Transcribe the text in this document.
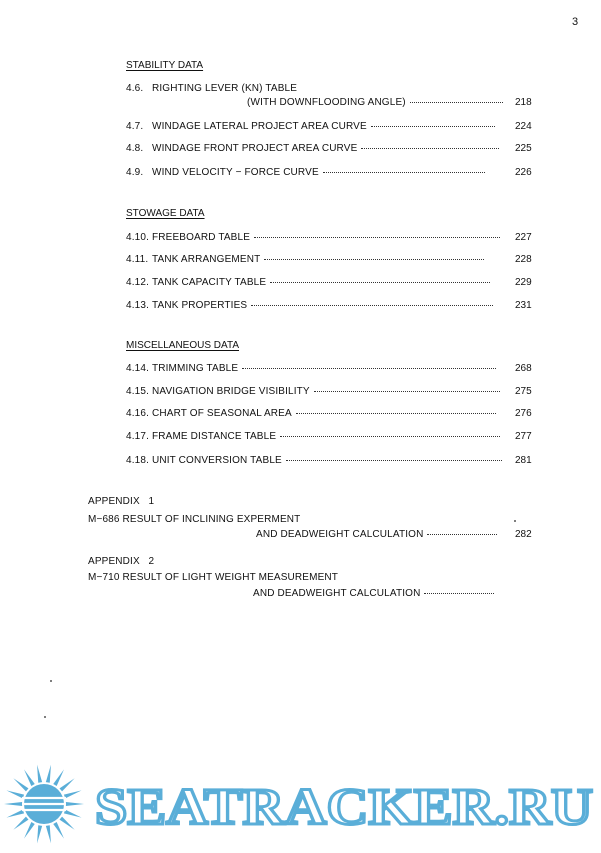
3
STABILITY DATA
4.6. RIGHTING LEVER (KN) TABLE
(WITH DOWNFLOODING ANGLE)	218
4.7. WINDAGE LATERAL PROJECT AREA CURVE	224
4.8. WINDAGE FRONT PROJECT AREA CURVE	225
4.9. WIND VELOCITY − FORCE CURVE	226
STOWAGE DATA
4.10. FREEBOARD TABLE	227
4.11. TANK ARRANGEMENT	228
4.12. TANK CAPACITY TABLE	229
4.13. TANK PROPERTIES	231
MISCELLANEOUS DATA
4.14. TRIMMING TABLE	268
4.15. NAVIGATION BRIDGE VISIBILITY	275
4.16. CHART OF SEASONAL AREA	276
4.17. FRAME DISTANCE TABLE	277
4.18. UNIT CONVERSION TABLE	281
APPENDIX   1
M−686 RESULT OF INCLINING EXPERMENT
AND DEADWEIGHT CALCULATION	282
APPENDIX   2
M−710 RESULT OF LIGHT WEIGHT MEASUREMENT
AND DEADWEIGHT CALCULATION
SEATRACKER.RU
